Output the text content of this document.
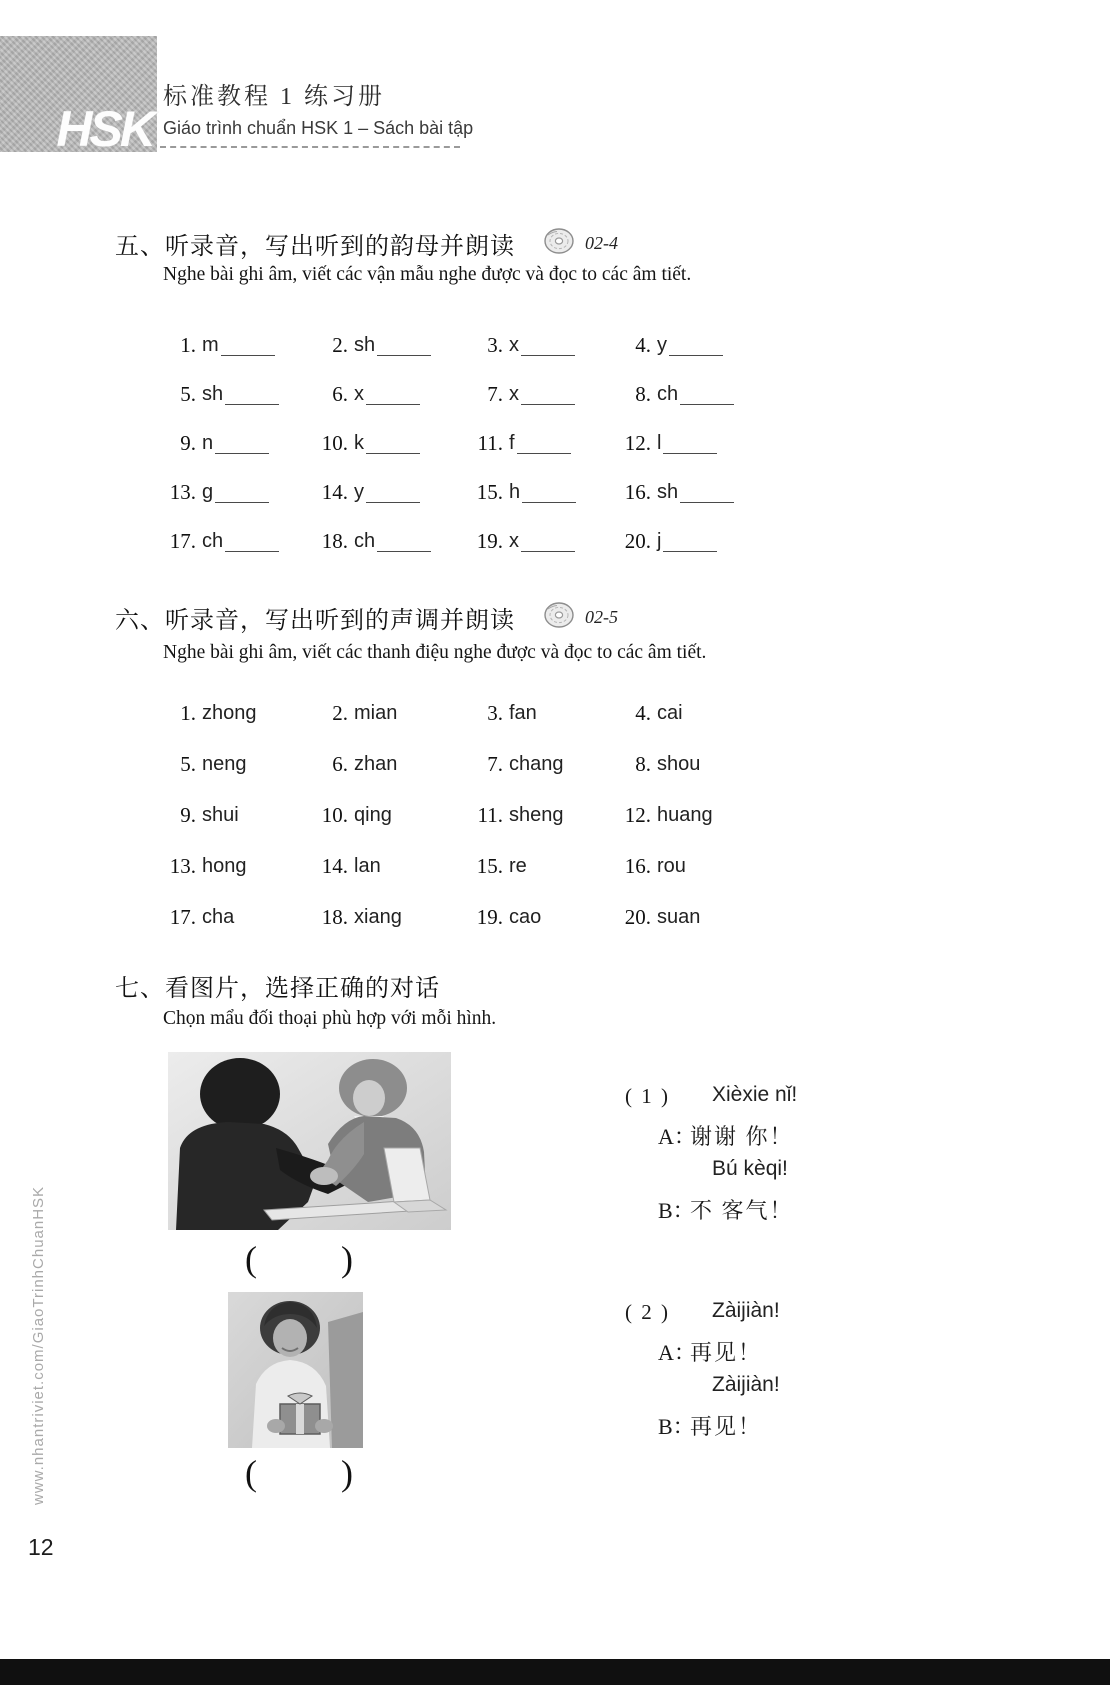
HSK
标准教程 1 练习册
Giáo trình chuẩn HSK 1 – Sách bài tập
五、听录音，写出听到的韵母并朗读	02-4
Nghe bài ghi âm, viết các vận mẫu nghe được và đọc to các âm tiết.
1. m	2. sh	3. x	4. y
5. sh	6. x	7. x	8. ch
9. n	10. k	11. f	12. l
13. g	14. y	15. h	16. sh
17. ch	18. ch	19. x	20. j
六、听录音，写出听到的声调并朗读	02-5
Nghe bài ghi âm, viết các thanh điệu nghe được và đọc to các âm tiết.
1. zhong	2. mian	3. fan	4. cai
5. neng	6. zhan	7. chang	8. shou
9. shui	10. qing	11. sheng	12. huang
13. hong	14. lan	15. re	16. rou
17. cha	18. xiang	19. cao	20. suan
七、看图片，选择正确的对话
Chọn mẩu đối thoại phù hợp với mỗi hình.
( )
( )
( 1 ) Xièxie nǐ!
A：
谢谢 你！
Bú kèqi!
B：
不 客气！
( 2 ) Zàijiàn!
A：
再见！
Zàijiàn!
B：
再见！
www.nhantriviet.com/GiaoTrinhChuanHSK
12
